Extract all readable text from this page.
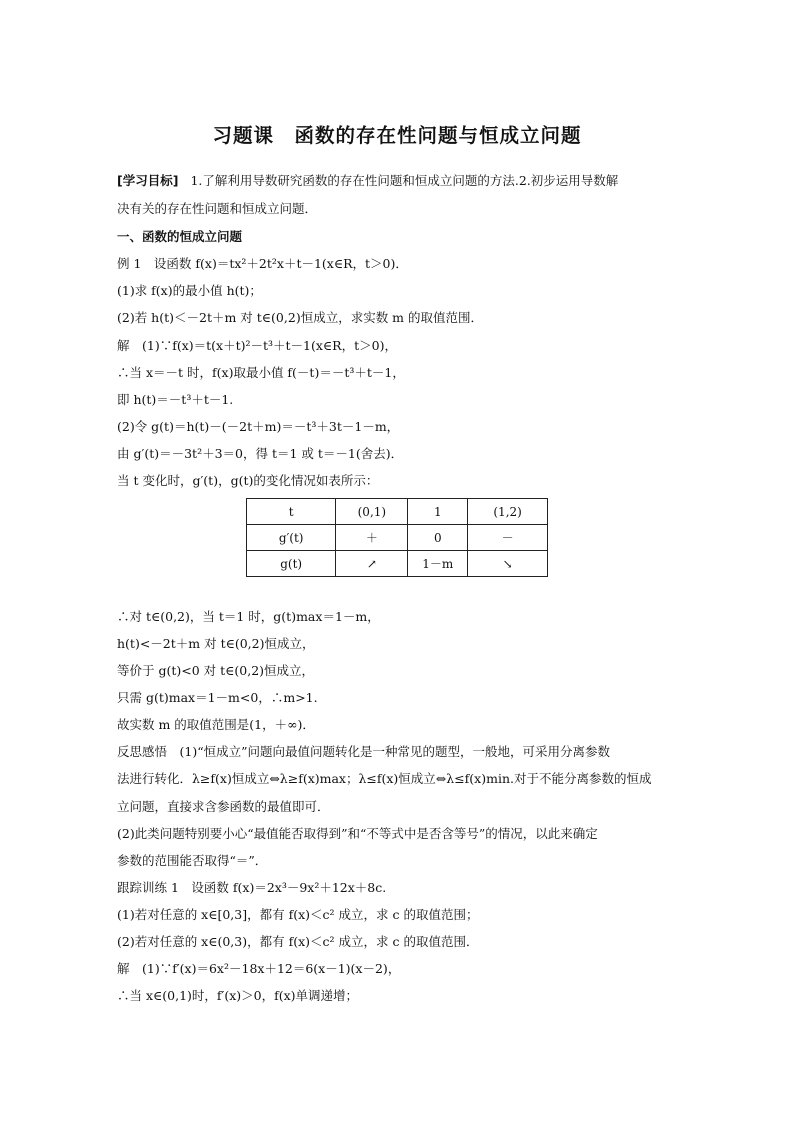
习题课　函数的存在性问题与恒成立问题
[学习目标] 1.了解利用导数研究函数的存在性问题和恒成立问题的方法.2.初步运用导数解
决有关的存在性问题和恒成立问题．
一、函数的恒成立问题
例 1　设函数 f(x)＝tx²＋2t²x＋t－1(x∈R，t＞0)．
(1)求 f(x)的最小值 h(t)；
(2)若 h(t)＜－2t＋m 对 t∈(0,2)恒成立，求实数 m 的取值范围．
解　(1)∵f(x)＝t(x＋t)²－t³＋t－1(x∈R，t＞0)，
∴当 x＝－t 时，f(x)取最小值 f(－t)＝－t³＋t－1，
即 h(t)＝－t³＋t－1.
(2)令 g(t)＝h(t)－(－2t＋m)＝－t³＋3t－1－m，
由 g′(t)＝－3t²＋3＝0，得 t＝1 或 t＝－1(舍去)．
当 t 变化时，g′(t)，g(t)的变化情况如表所示：
t	(0,1)	1	(1,2)
g′(t)	＋	0	－
g(t)	↗	1－m	↘
∴对 t∈(0,2)，当 t＝1 时，g(t)max＝1－m，
h(t)<－2t＋m 对 t∈(0,2)恒成立，
等价于 g(t)<0 对 t∈(0,2)恒成立，
只需 g(t)max＝1－m<0，∴m>1.
故实数 m 的取值范围是(1，＋∞)．
反思感悟　(1)“恒成立”问题向最值问题转化是一种常见的题型，一般地，可采用分离参数
法进行转化．λ≥f(x)恒成立⇔λ≥f(x)max；λ≤f(x)恒成立⇔λ≤f(x)min.对于不能分离参数的恒成
立问题，直接求含参函数的最值即可．
(2)此类问题特别要小心“最值能否取得到”和“不等式中是否含等号”的情况，以此来确定
参数的范围能否取得“＝”．
跟踪训练 1　设函数 f(x)＝2x³－9x²＋12x＋8c.
(1)若对任意的 x∈[0,3]，都有 f(x)＜c² 成立，求 c 的取值范围；
(2)若对任意的 x∈(0,3)，都有 f(x)＜c² 成立，求 c 的取值范围．
解　(1)∵f′(x)＝6x²－18x＋12＝6(x－1)(x－2)，
∴当 x∈(0,1)时，f′(x)＞0，f(x)单调递增；
